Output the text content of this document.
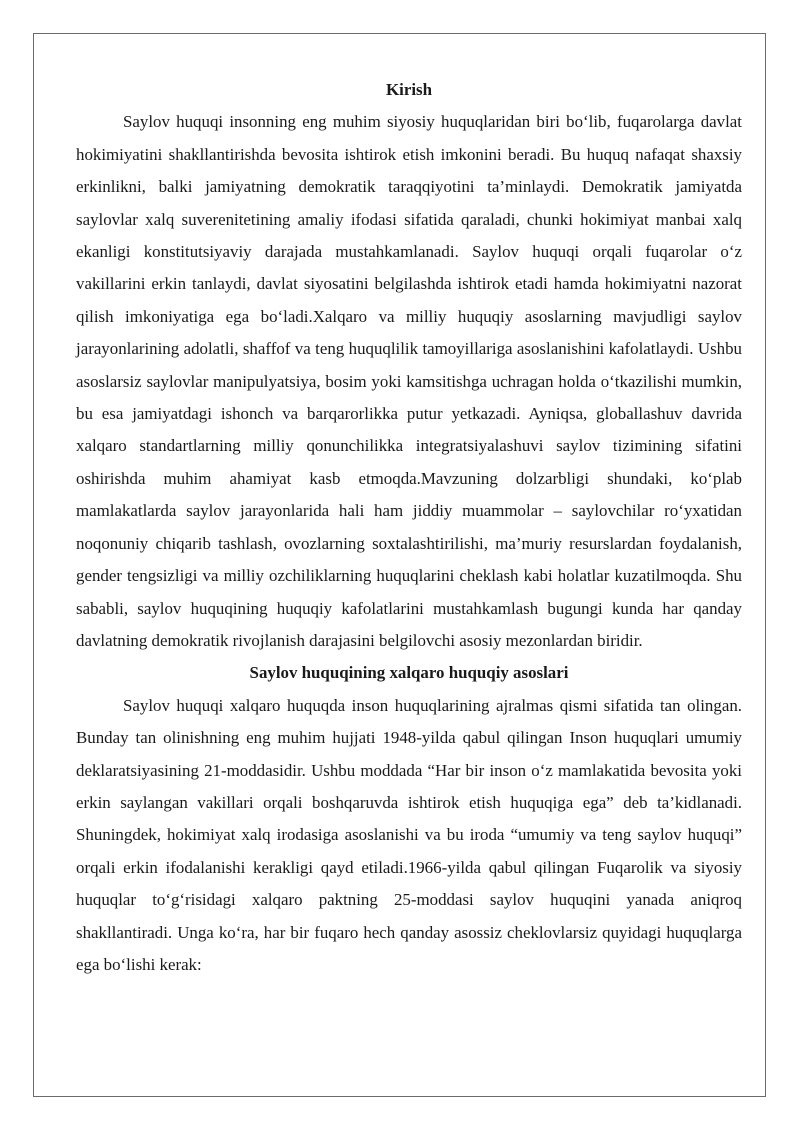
Kirish

Saylov huquqi insonning eng muhim siyosiy huquqlaridan biri bo‘lib, fuqarolarga davlat hokimiyatini shakllantirishda bevosita ishtirok etish imkonini beradi. Bu huquq nafaqat shaxsiy erkinlikni, balki jamiyatning demokratik taraqqiyotini ta’minlaydi. Demokratik jamiyatda saylovlar xalq suverenitetining amaliy ifodasi sifatida qaraladi, chunki hokimiyat manbai xalq ekanligi konstitutsiyaviy darajada mustahkamlanadi. Saylov huquqi orqali fuqarolar o‘z vakillarini erkin tanlaydi, davlat siyosatini belgilashda ishtirok etadi hamda hokimiyatni nazorat qilish imkoniyatiga ega bo‘ladi.Xalqaro va milliy huquqiy asoslarning mavjudligi saylov jarayonlarining adolatli, shaffof va teng huquqlilik tamoyillariga asoslanishini kafolatlaydi. Ushbu asoslarsiz saylovlar manipulyatsiya, bosim yoki kamsitishga uchragan holda o‘tkazilishi mumkin, bu esa jamiyatdagi ishonch va barqarorlikka putur yetkazadi. Ayniqsa, globallashuv davrida xalqaro standartlarning milliy qonunchilikka integratsiyalashuvi saylov tizimining sifatini oshirishda muhim ahamiyat kasb etmoqda.Mavzuning dolzarbligi shundaki, ko‘plab mamlakatlarda saylov jarayonlarida hali ham jiddiy muammolar – saylovchilar ro‘yxatidan noqonuniy chiqarib tashlash, ovozlarning soxtalashtirilishi, ma’muriy resurslardan foydalanish, gender tengsizligi va milliy ozchiliklarning huquqlarini cheklash kabi holatlar kuzatilmoqda. Shu sababli, saylov huquqining huquqiy kafolatlarini mustahkamlash bugungi kunda har qanday davlatning demokratik rivojlanish darajasini belgilovchi asosiy mezonlardan biridir.

Saylov huquqining xalqaro huquqiy asoslari

Saylov huquqi xalqaro huquqda inson huquqlarining ajralmas qismi sifatida tan olingan. Bunday tan olinishning eng muhim hujjati 1948-yilda qabul qilingan Inson huquqlari umumiy deklaratsiyasining 21-moddasidir. Ushbu moddada “Har bir inson o‘z mamlakatida bevosita yoki erkin saylangan vakillari orqali boshqaruvda ishtirok etish huquqiga ega” deb ta’kidlanadi. Shuningdek, hokimiyat xalq irodasiga asoslanishi va bu iroda “umumiy va teng saylov huquqi” orqali erkin ifodalanishi kerakligi qayd etiladi.1966-yilda qabul qilingan Fuqarolik va siyosiy huquqlar to‘g‘risidagi xalqaro paktning 25-moddasi saylov huquqini yanada aniqroq shakllantiradi. Unga ko‘ra, har bir fuqaro hech qanday asossiz cheklovlarsiz quyidagi huquqlarga ega bo‘lishi kerak:
